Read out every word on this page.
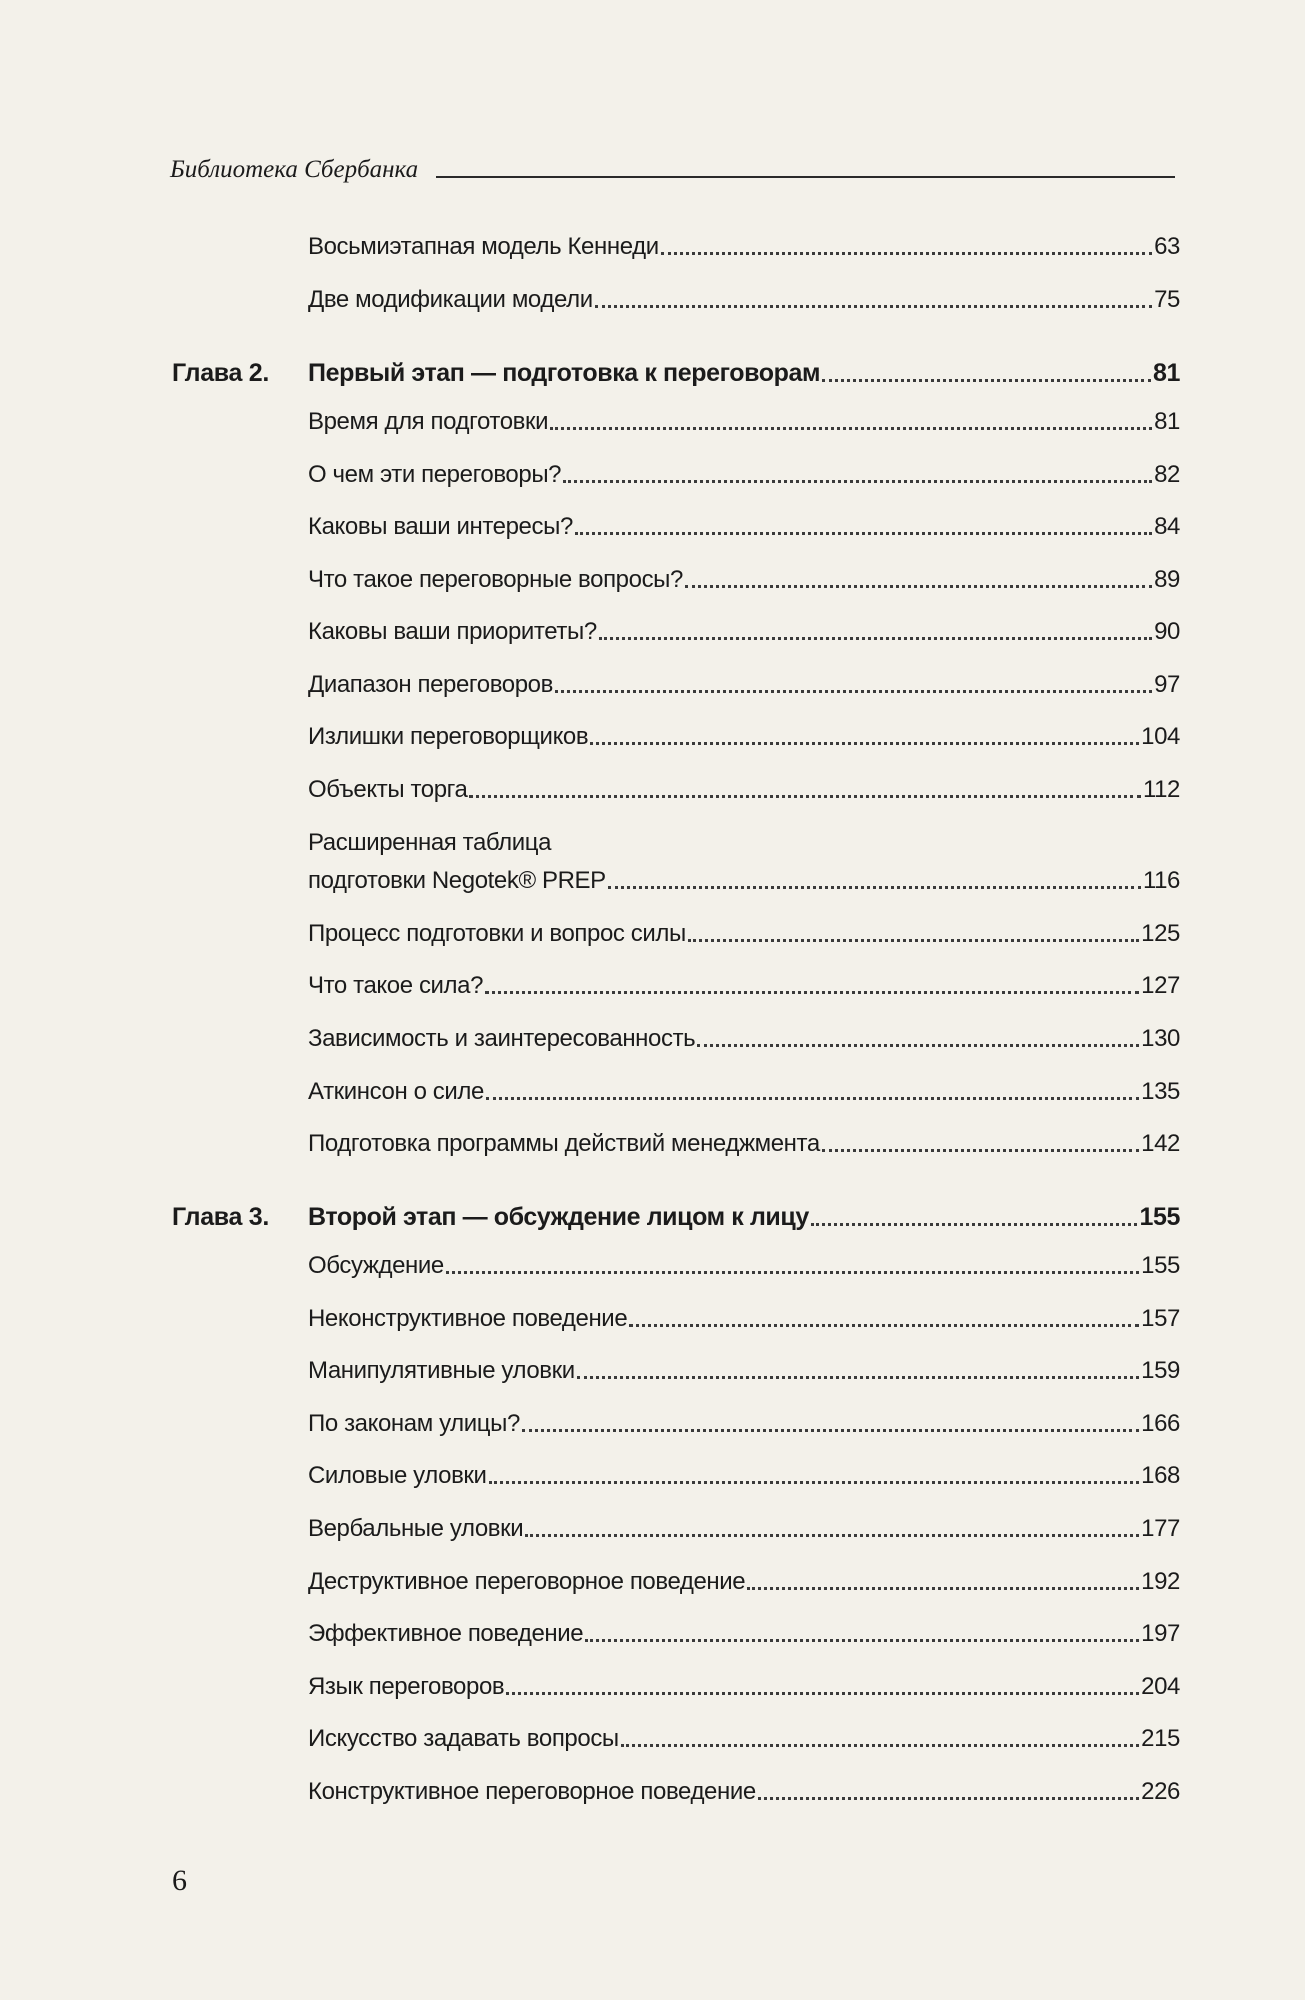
Библиотека Сбербанка
Восьмиэтапная модель Кеннеди	63
Две модификации модели	75
Глава 2. Первый этап — подготовка к переговорам	81
Время для подготовки	81
О чем эти переговоры?	82
Каковы ваши интересы?	84
Что такое переговорные вопросы?	89
Каковы ваши приоритеты?	90
Диапазон переговоров	97
Излишки переговорщиков	104
Объекты торга	112
Расширенная таблица
подготовки Negotek® PREP	116
Процесс подготовки и вопрос силы	125
Что такое сила?	127
Зависимость и заинтересованность	130
Аткинсон о силе	135
Подготовка программы действий менеджмента	142
Глава 3. Второй этап — обсуждение лицом к лицу	155
Обсуждение	155
Неконструктивное поведение	157
Манипулятивные уловки	159
По законам улицы?	166
Силовые уловки	168
Вербальные уловки	177
Деструктивное переговорное поведение	192
Эффективное поведение	197
Язык переговоров	204
Искусство задавать вопросы	215
Конструктивное переговорное поведение	226
6
